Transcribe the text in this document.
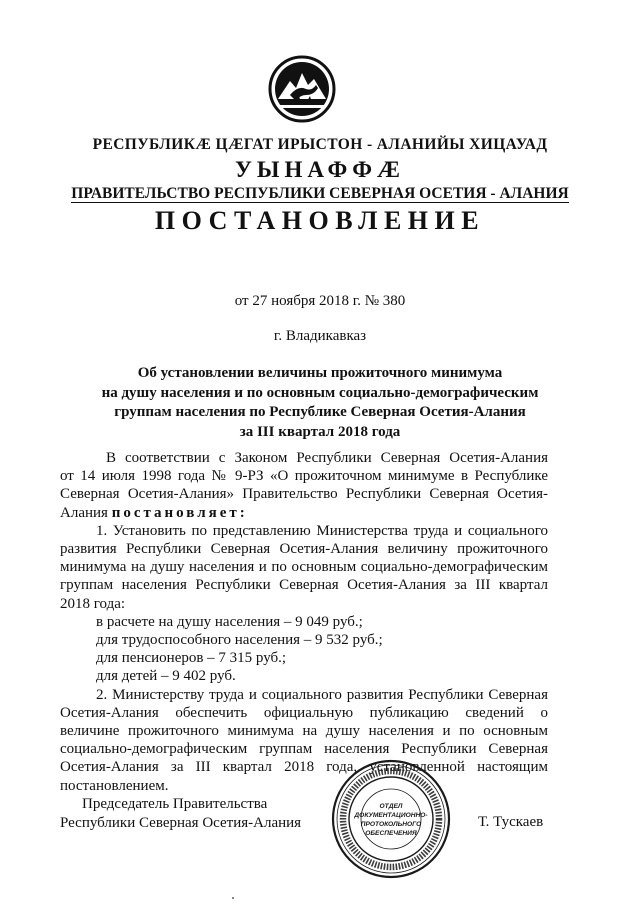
РЕСПУБЛИКӔ ЦӔГАТ ИРЫСТОН - АЛАНИЙЫ ХИЦАУАД
УЫНАФФӔ
ПРАВИТЕЛЬСТВО РЕСПУБЛИКИ СЕВЕРНАЯ ОСЕТИЯ - АЛАНИЯ
ПОСТАНОВЛЕНИЕ
от 27 ноября 2018 г. № 380
г. Владикавказ
Об установлении величины прожиточного минимума
на душу населения и по основным социально-демографическим
группам населения по Республике Северная Осетия-Алания
за III квартал 2018 года
В соответствии с Законом Республики Северная Осетия-Алания
от 14 июля 1998 года № 9-РЗ «О прожиточном минимуме в Республике
Северная Осетия-Алания» Правительство Республики Северная Осетия-
Алания постановляет:
1. Установить по представлению Министерства труда и социального
развития Республики Северная Осетия-Алания величину прожиточного
минимума на душу населения и по основным социально-демографическим
группам населения Республики Северная Осетия-Алания за III квартал
2018 года:
в расчете на душу населения – 9 049 руб.;
для трудоспособного населения – 9 532 руб.;
для пенсионеров – 7 315 руб.;
для детей – 9 402 руб.
2. Министерству труда и социального развития Республики Северная
Осетия-Алания обеспечить официальную публикацию сведений о
величине прожиточного минимума на душу населения и по основным
социально-демографическим группам населения Республики Северная
Осетия-Алания за III квартал 2018 года, установленной настоящим
постановлением.
Председатель Правительства
Республики Северная Осетия-Алания
ОТДЕЛ
ДОКУМЕНТАЦИОННО-
ПРОТОКОЛЬНОГО
ОБЕСПЕЧЕНИЯ
Т. Тускаев
